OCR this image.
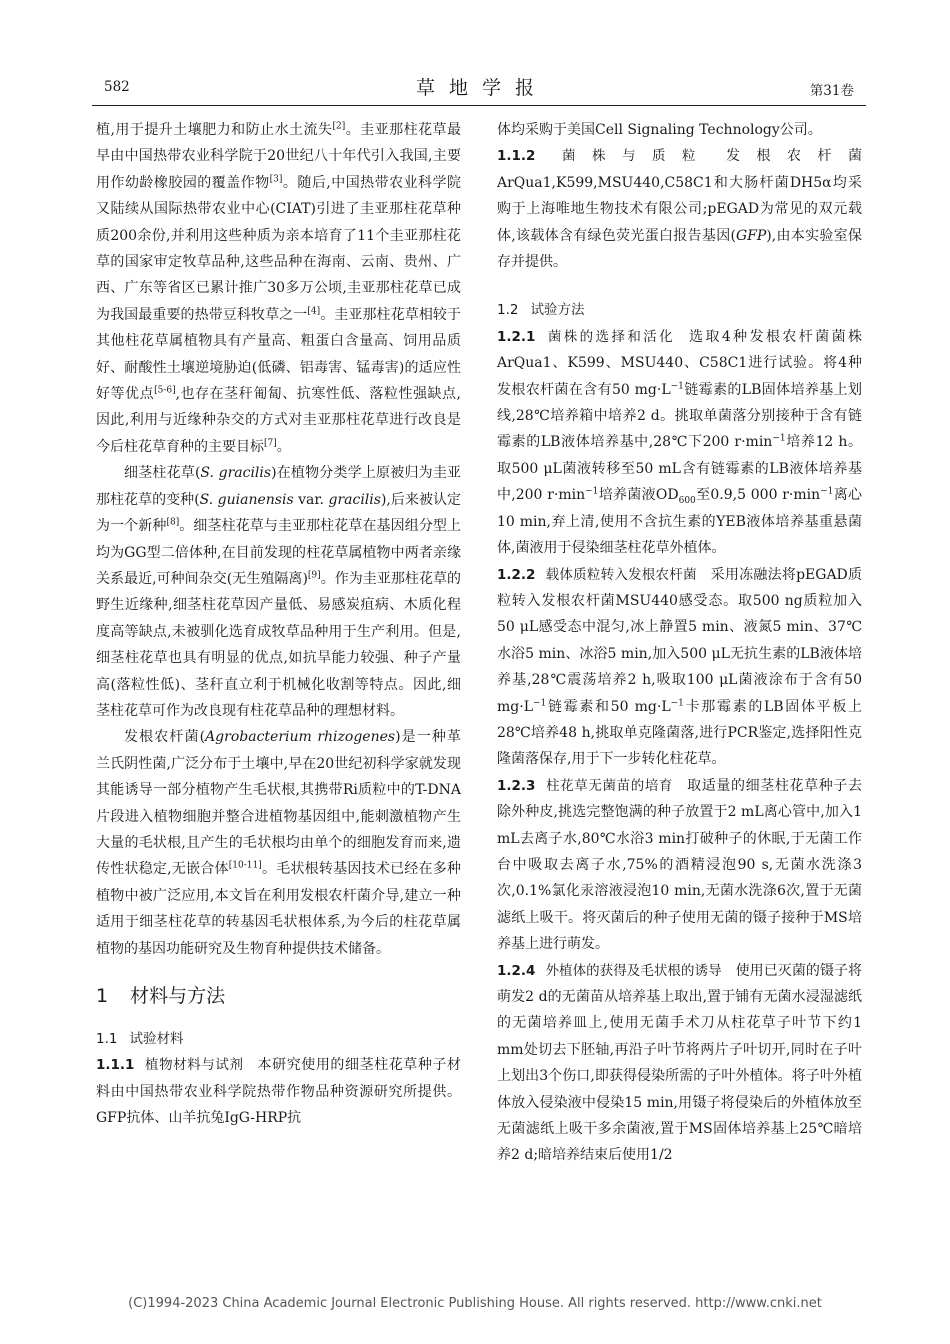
582	草地学报	第31卷

植,用于提升土壤肥力和防止水土流失[2]。圭亚那柱花草最早由中国热带农业科学院于20世纪八十年代引入我国,主要用作幼龄橡胶园的覆盖作物[3]。随后,中国热带农业科学院又陆续从国际热带农业中心(CIAT)引进了圭亚那柱花草种质200余份,并利用这些种质为亲本培育了11个圭亚那柱花草的国家审定牧草品种,这些品种在海南、云南、贵州、广西、广东等省区已累计推广30多万公顷,圭亚那柱花草已成为我国最重要的热带豆科牧草之一[4]。圭亚那柱花草相较于其他柱花草属植物具有产量高、粗蛋白含量高、饲用品质好、耐酸性土壤逆境胁迫(低磷、铝毒害、锰毒害)的适应性好等优点[5-6],也存在茎秆匍匐、抗寒性低、落粒性强缺点,因此,利用与近缘种杂交的方式对圭亚那柱花草进行改良是今后柱花草育种的主要目标[7]。

细茎柱花草(S. gracilis)在植物分类学上原被归为圭亚那柱花草的变种(S. guianensis var. gracilis),后来被认定为一个新种[8]。细茎柱花草与圭亚那柱花草在基因组分型上均为GG型二倍体种,在目前发现的柱花草属植物中两者亲缘关系最近,可种间杂交(无生殖隔离)[9]。作为圭亚那柱花草的野生近缘种,细茎柱花草因产量低、易感炭疽病、木质化程度高等缺点,未被驯化选育成牧草品种用于生产利用。但是,细茎柱花草也具有明显的优点,如抗旱能力较强、种子产量高(落粒性低)、茎秆直立利于机械化收割等特点。因此,细茎柱花草可作为改良现有柱花草品种的理想材料。

发根农杆菌(Agrobacterium rhizogenes)是一种革兰氏阴性菌,广泛分布于土壤中,早在20世纪初科学家就发现其能诱导一部分植物产生毛状根,其携带Ri质粒中的T-DNA片段进入植物细胞并整合进植物基因组中,能刺激植物产生大量的毛状根,且产生的毛状根均由单个的细胞发育而来,遗传性状稳定,无嵌合体[10-11]。毛状根转基因技术已经在多种植物中被广泛应用,本文旨在利用发根农杆菌介导,建立一种适用于细茎柱花草的转基因毛状根体系,为今后的柱花草属植物的基因功能研究及生物育种提供技术储备。

1 材料与方法
1.1 试验材料

1.1.1 植物材料与试剂 本研究使用的细茎柱花草种子材料由中国热带农业科学院热带作物品种资源研究所提供。GFP抗体、山羊抗兔IgG-HRP抗

体均采购于美国Cell Signaling Technology公司。

1.1.2 菌株与质粒 发根农杆菌ArQua1,K599,MSU440,C58C1和大肠杆菌DH5α均采购于上海唯地生物技术有限公司;pEGAD为常见的双元载体,该载体含有绿色荧光蛋白报告基因(GFP),由本实验室保存并提供。

1.2 试验方法

1.2.1 菌株的选择和活化 选取4种发根农杆菌菌株ArQua1、K599、MSU440、C58C1进行试验。将4种发根农杆菌在含有50 $mg\cdot L^{-1}$链霉素的LB固体培养基上划线,28℃培养箱中培养2 d。挑取单菌落分别接种于含有链霉素的LB液体培养基中,28℃下200 $r\cdot\min^{-1}$培养12 h。取500 μL菌液转移至50 mL含有链霉素的LB液体培养基中,200 $r\cdot\min^{-1}$培养菌液$OD_{600}$至0.9,5 000 $r\cdot\min^{-1}$离心10 min,弃上清,使用不含抗生素的YEB液体培养基重悬菌体,菌液用于侵染细茎柱花草外植体。

1.2.2 载体质粒转入发根农杆菌 采用冻融法将pEGAD质粒转入发根农杆菌MSU440感受态。取500 ng质粒加入50 μL感受态中混匀,冰上静置5 min、液氮5 min、37℃水浴5 min、冰浴5 min,加入500 μL无抗生素的LB液体培养基,28℃震荡培养2 h,吸取100 μL菌液涂布于含有50 $mg\cdot L^{-1}$链霉素和50 $mg\cdot L^{-1}$卡那霉素的LB固体平板上28℃培养48 h,挑取单克隆菌落,进行PCR鉴定,选择阳性克隆菌落保存,用于下一步转化柱花草。

1.2.3 柱花草无菌苗的培育 取适量的细茎柱花草种子去除外种皮,挑选完整饱满的种子放置于2 mL离心管中,加入1 mL去离子水,80℃水浴3 min打破种子的休眠,于无菌工作台中吸取去离子水,75%的酒精浸泡90 s,无菌水洗涤3次,0.1%氯化汞溶液浸泡10 min,无菌水洗涤6次,置于无菌滤纸上吸干。将灭菌后的种子使用无菌的镊子接种于MS培养基上进行萌发。

1.2.4 外植体的获得及毛状根的诱导 使用已灭菌的镊子将萌发2 d的无菌苗从培养基上取出,置于铺有无菌水浸湿滤纸的无菌培养皿上,使用无菌手术刀从柱花草子叶节下约1 mm处切去下胚轴,再沿子叶节将两片子叶切开,同时在子叶上划出3个伤口,即获得侵染所需的子叶外植体。将子叶外植体放入侵染液中侵染15 min,用镊子将侵染后的外植体放至无菌滤纸上吸干多余菌液,置于MS固体培养基上25℃暗培养2 d;暗培养结束后使用1/2

(C)1994-2023 China Academic Journal Electronic Publishing House. All rights reserved. http://www.cnki.net
